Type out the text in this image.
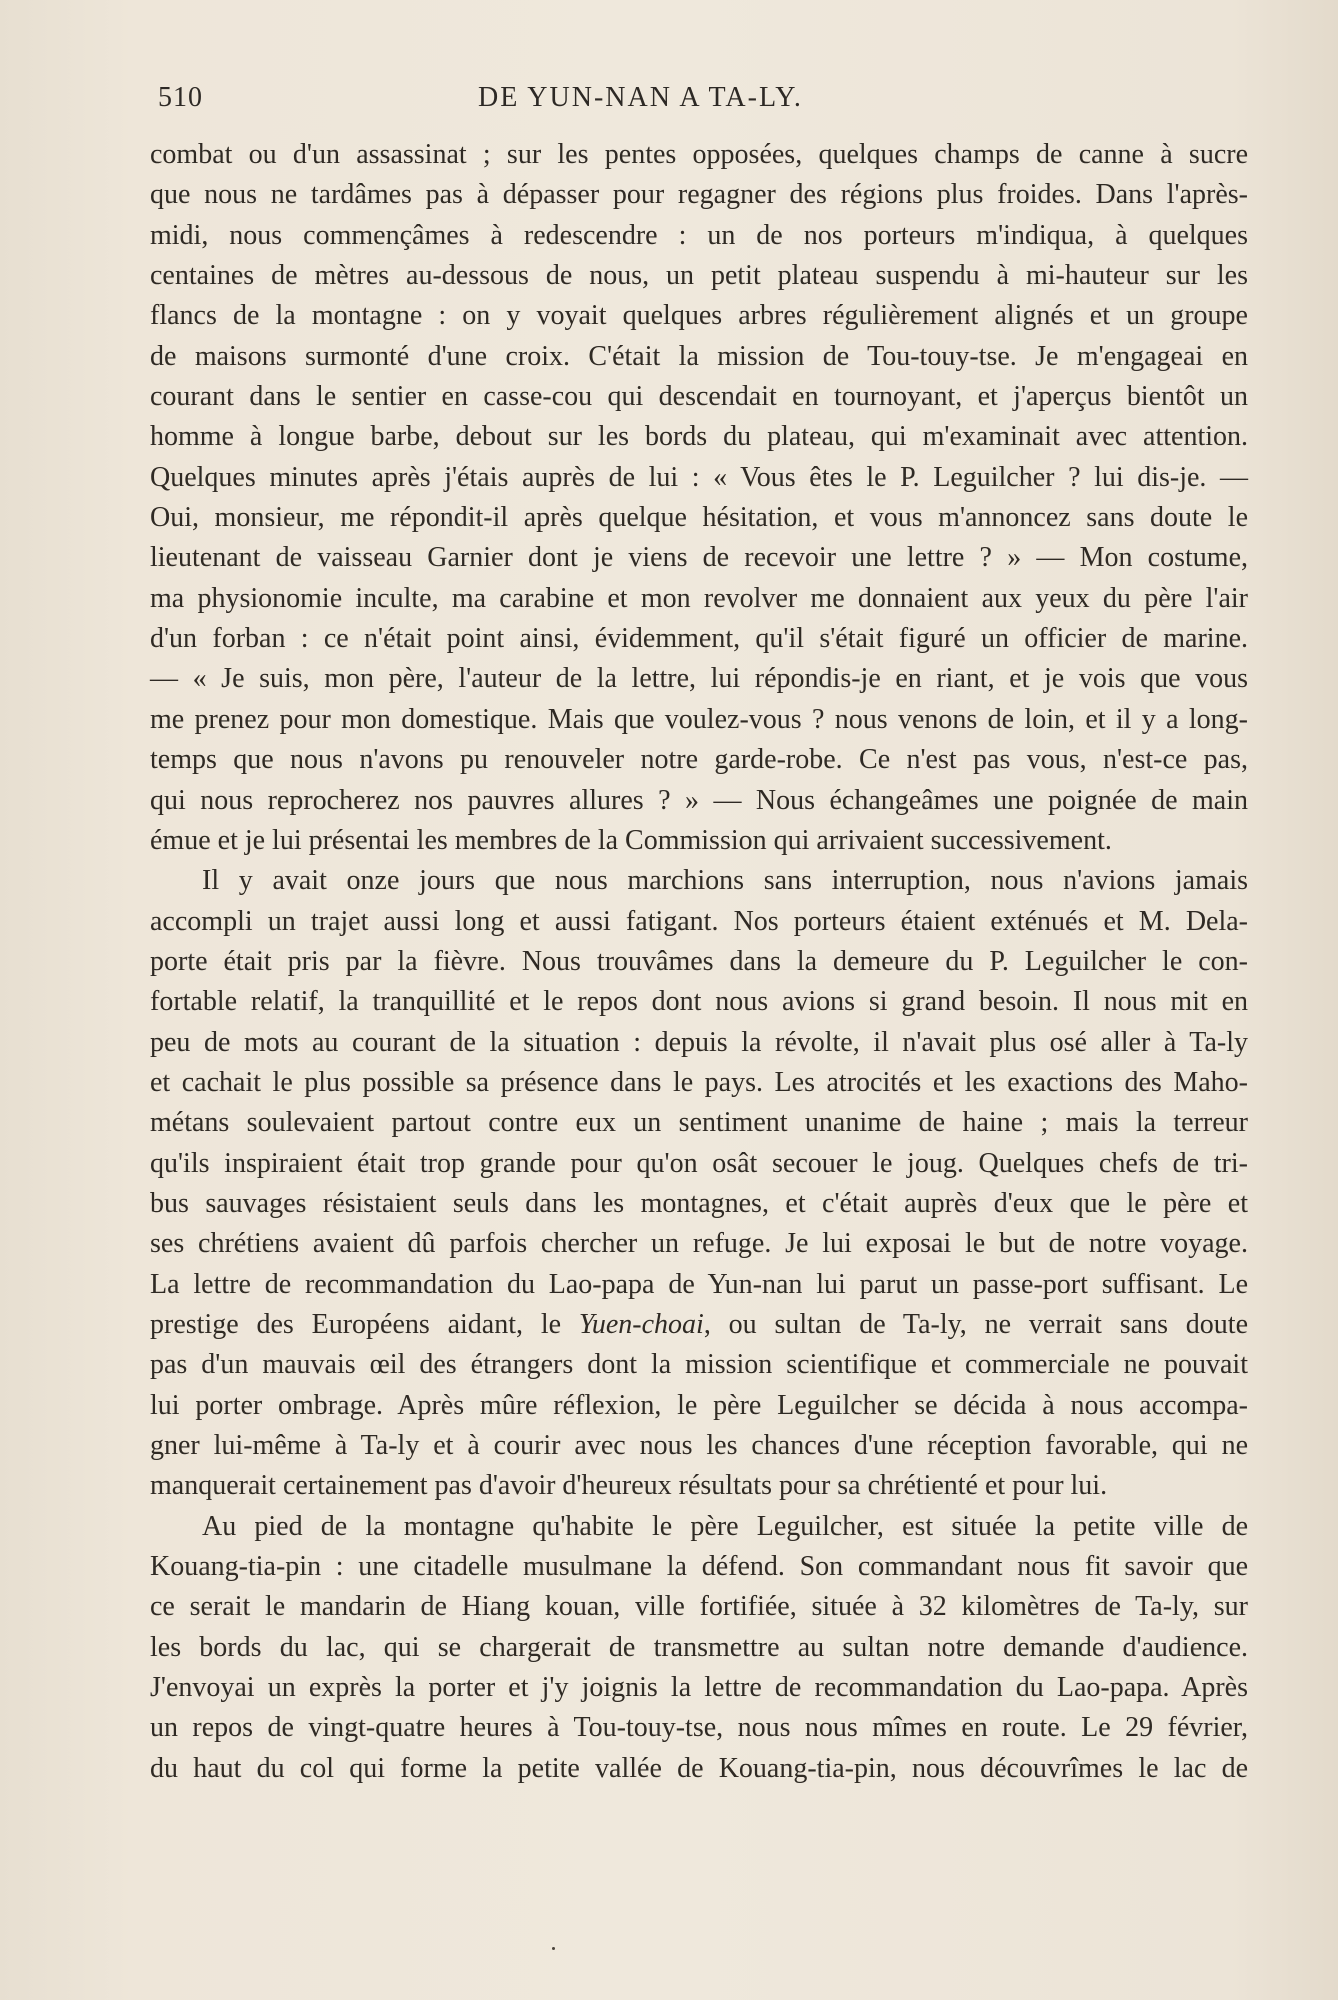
510	DE YUN-NAN A TA-LY.
combat ou d'un assassinat ; sur les pentes opposées, quelques champs de canne à sucre
que nous ne tardâmes pas à dépasser pour regagner des régions plus froides. Dans l'après-
midi, nous commençâmes à redescendre : un de nos porteurs m'indiqua, à quelques
centaines de mètres au-dessous de nous, un petit plateau suspendu à mi-hauteur sur les
flancs de la montagne : on y voyait quelques arbres régulièrement alignés et un groupe
de maisons surmonté d'une croix. C'était la mission de Tou-touy-tse. Je m'engageai en
courant dans le sentier en casse-cou qui descendait en tournoyant, et j'aperçus bientôt un
homme à longue barbe, debout sur les bords du plateau, qui m'examinait avec attention.
Quelques minutes après j'étais auprès de lui : « Vous êtes le P. Leguilcher ? lui dis-je. —
Oui, monsieur, me répondit-il après quelque hésitation, et vous m'annoncez sans doute le
lieutenant de vaisseau Garnier dont je viens de recevoir une lettre ? » — Mon costume,
ma physionomie inculte, ma carabine et mon revolver me donnaient aux yeux du père l'air
d'un forban : ce n'était point ainsi, évidemment, qu'il s'était figuré un officier de marine.
— « Je suis, mon père, l'auteur de la lettre, lui répondis-je en riant, et je vois que vous
me prenez pour mon domestique. Mais que voulez-vous ? nous venons de loin, et il y a long-
temps que nous n'avons pu renouveler notre garde-robe. Ce n'est pas vous, n'est-ce pas,
qui nous reprocherez nos pauvres allures ? » — Nous échangeâmes une poignée de main
émue et je lui présentai les membres de la Commission qui arrivaient successivement.
Il y avait onze jours que nous marchions sans interruption, nous n'avions jamais
accompli un trajet aussi long et aussi fatigant. Nos porteurs étaient exténués et M. Dela-
porte était pris par la fièvre. Nous trouvâmes dans la demeure du P. Leguilcher le con-
fortable relatif, la tranquillité et le repos dont nous avions si grand besoin. Il nous mit en
peu de mots au courant de la situation : depuis la révolte, il n'avait plus osé aller à Ta-ly
et cachait le plus possible sa présence dans le pays. Les atrocités et les exactions des Maho-
métans soulevaient partout contre eux un sentiment unanime de haine ; mais la terreur
qu'ils inspiraient était trop grande pour qu'on osât secouer le joug. Quelques chefs de tri-
bus sauvages résistaient seuls dans les montagnes, et c'était auprès d'eux que le père et
ses chrétiens avaient dû parfois chercher un refuge. Je lui exposai le but de notre voyage.
La lettre de recommandation du Lao-papa de Yun-nan lui parut un passe-port suffisant. Le
prestige des Européens aidant, le Yuen-choai, ou sultan de Ta-ly, ne verrait sans doute
pas d'un mauvais œil des étrangers dont la mission scientifique et commerciale ne pouvait
lui porter ombrage. Après mûre réflexion, le père Leguilcher se décida à nous accompa-
gner lui-même à Ta-ly et à courir avec nous les chances d'une réception favorable, qui ne
manquerait certainement pas d'avoir d'heureux résultats pour sa chrétienté et pour lui.
Au pied de la montagne qu'habite le père Leguilcher, est située la petite ville de
Kouang-tia-pin : une citadelle musulmane la défend. Son commandant nous fit savoir que
ce serait le mandarin de Hiang kouan, ville fortifiée, située à 32 kilomètres de Ta-ly, sur
les bords du lac, qui se chargerait de transmettre au sultan notre demande d'audience.
J'envoyai un exprès la porter et j'y joignis la lettre de recommandation du Lao-papa. Après
un repos de vingt-quatre heures à Tou-touy-tse, nous nous mîmes en route. Le 29 février,
du haut du col qui forme la petite vallée de Kouang-tia-pin, nous découvrîmes le lac de
